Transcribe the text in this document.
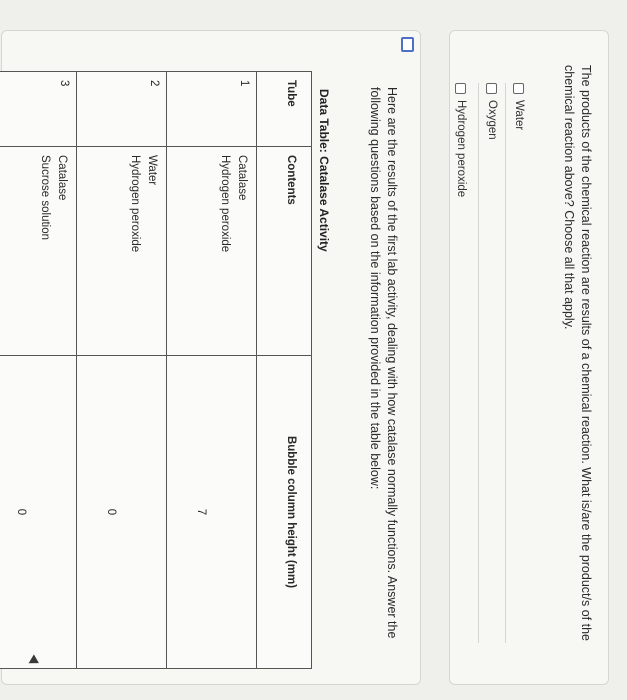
The products of the chemical reaction are results of a chemical reaction. What is/are the product/s of the chemical reaction above? Choose all that apply.
Water
Oxygen
Hydrogen peroxide
Here are the results of the first lab activity, dealing with how catalase normally functions. Answer the following questions based on the information provided in the table below:
Data Table: Catalase Activity
Tube	Contents	Bubble column height (mm)
1	Catalase
Hydrogen peroxide	7
2	Water
Hydrogen peroxide	0
3	Catalase
Sucrose solution	0
